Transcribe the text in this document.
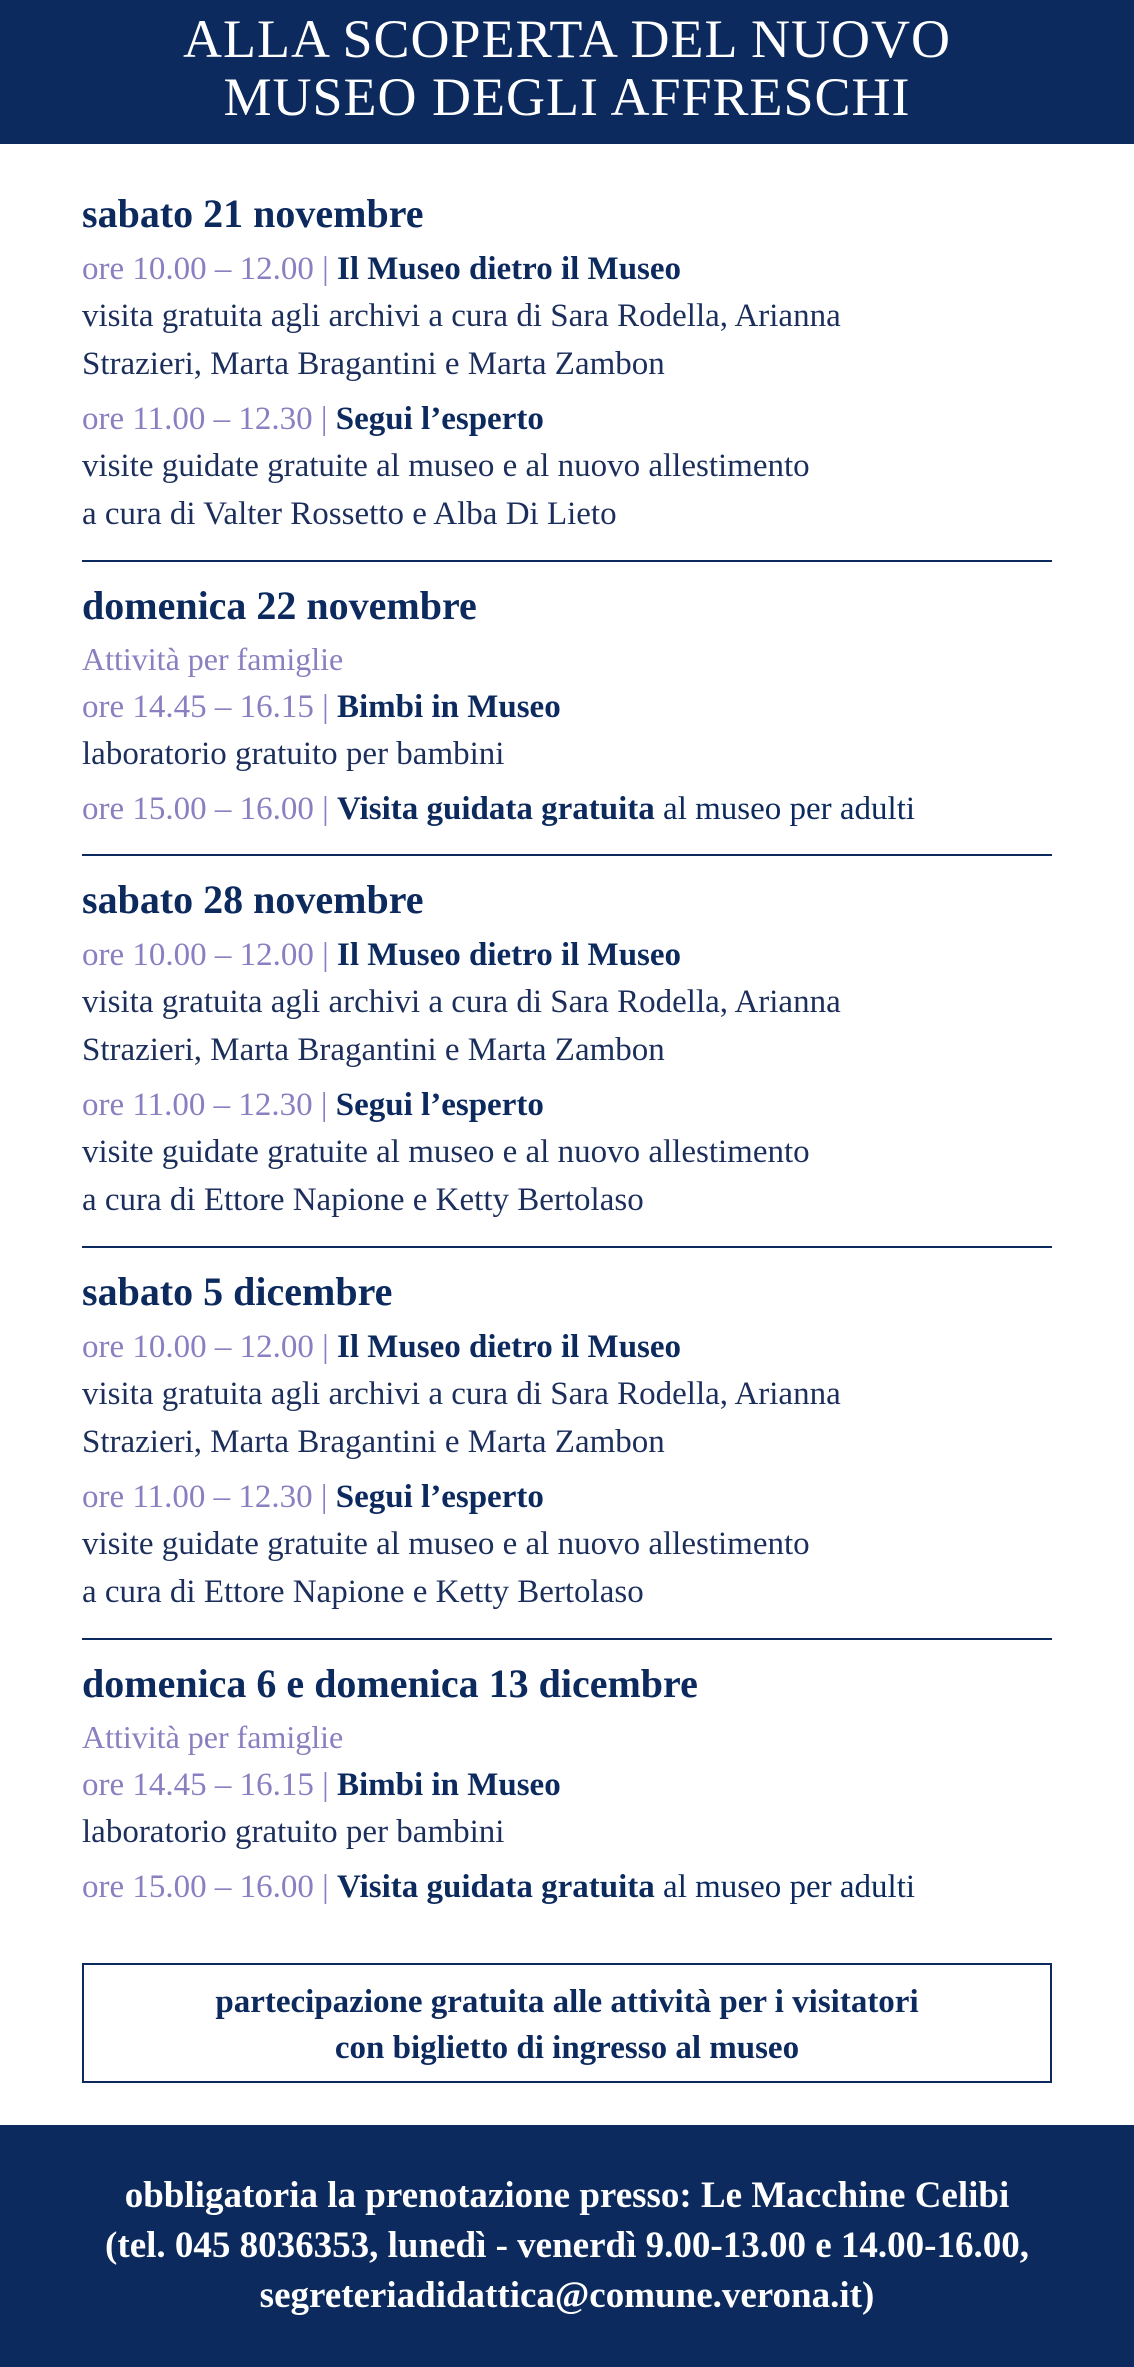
ALLA SCOPERTA DEL NUOVO
MUSEO DEGLI AFFRESCHI
sabato 21 novembre
ore 10.00 – 12.00 | Il Museo dietro il Museo
visita gratuita agli archivi a cura di Sara Rodella, Arianna
Strazieri, Marta Bragantini e Marta Zambon
ore 11.00 – 12.30 | Segui l’esperto
visite guidate gratuite al museo e al nuovo allestimento
a cura di Valter Rossetto e Alba Di Lieto
domenica 22 novembre
Attività per famiglie
ore 14.45 – 16.15 | Bimbi in Museo
laboratorio gratuito per bambini
ore 15.00 – 16.00 | Visita guidata gratuita al museo per adulti
sabato 28 novembre
ore 10.00 – 12.00 | Il Museo dietro il Museo
visita gratuita agli archivi a cura di Sara Rodella, Arianna
Strazieri, Marta Bragantini e Marta Zambon
ore 11.00 – 12.30 | Segui l’esperto
visite guidate gratuite al museo e al nuovo allestimento
a cura di Ettore Napione e Ketty Bertolaso
sabato 5 dicembre
ore 10.00 – 12.00 | Il Museo dietro il Museo
visita gratuita agli archivi a cura di Sara Rodella, Arianna
Strazieri, Marta Bragantini e Marta Zambon
ore 11.00 – 12.30 | Segui l’esperto
visite guidate gratuite al museo e al nuovo allestimento
a cura di Ettore Napione e Ketty Bertolaso
domenica 6 e domenica 13 dicembre
Attività per famiglie
ore 14.45 – 16.15 | Bimbi in Museo
laboratorio gratuito per bambini
ore 15.00 – 16.00 | Visita guidata gratuita al museo per adulti
partecipazione gratuita alle attività per i visitatori
con biglietto di ingresso al museo
obbligatoria la prenotazione presso: Le Macchine Celibi
(tel. 045 8036353, lunedì - venerdì 9.00-13.00 e 14.00-16.00,
segreteriadidattica@comune.verona.it)
